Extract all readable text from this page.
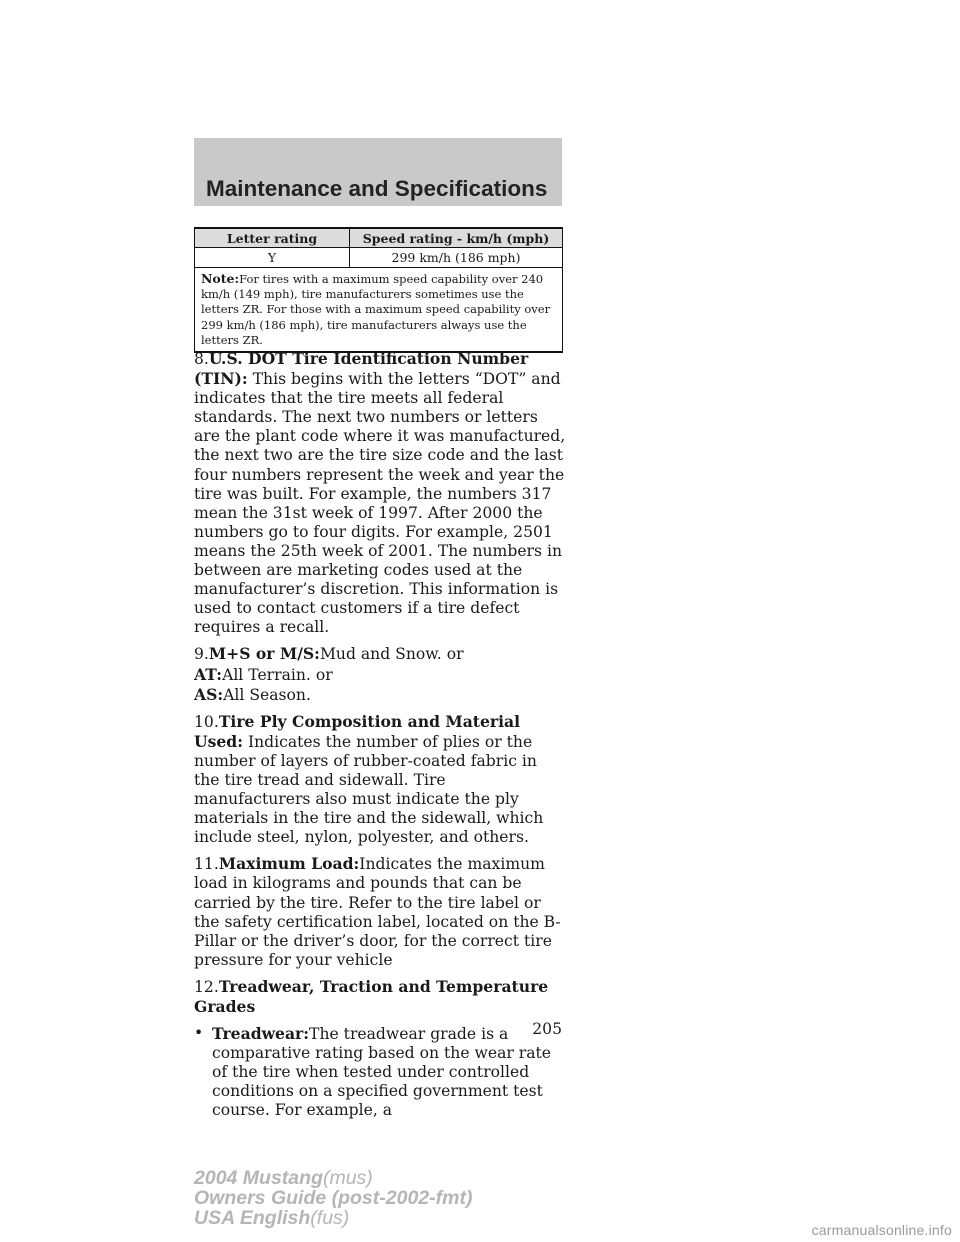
Maintenance and Specifications
Letter rating	Speed rating - km/h (mph)
Y	299 km/h (186 mph)
Note:For tires with a maximum speed capability over 240 km/h (149 mph), tire manufacturers sometimes use the letters ZR. For those with a maximum speed capability over 299 km/h (186 mph), tire manufacturers always use the letters ZR.	

8.U.S. DOT Tire Identification Number (TIN): This begins with the letters “DOT” and indicates that the tire meets all federal standards. The next two numbers or letters are the plant code where it was manufactured, the next two are the tire size code and the last four numbers represent the week and year the tire was built. For example, the numbers 317 mean the 31st week of 1997. After 2000 the numbers go to four digits. For example, 2501 means the 25th week of 2001. The numbers in between are marketing codes used at the manufacturer’s discretion. This information is used to contact customers if a tire defect requires a recall.

9.M+S or M/S:Mud and Snow. or

AT:All Terrain. or

AS:All Season.

10.Tire Ply Composition and Material Used: Indicates the number of plies or the number of layers of rubber-coated fabric in the tire tread and sidewall. Tire manufacturers also must indicate the ply materials in the tire and the sidewall, which include steel, nylon, polyester, and others.

11.Maximum Load:Indicates the maximum load in kilograms and pounds that can be carried by the tire. Refer to the tire label or the safety certification label, located on the B-Pillar or the driver’s door, for the correct tire pressure for your vehicle

12.Treadwear, Traction and Temperature Grades

• Treadwear:The treadwear grade is a comparative rating based on the wear rate of the tire when tested under controlled conditions on a specified government test course. For example, a

205
2004 Mustang(mus)
Owners Guide (post-2002-fmt)
USA English(fus)
carmanualsonline.info
